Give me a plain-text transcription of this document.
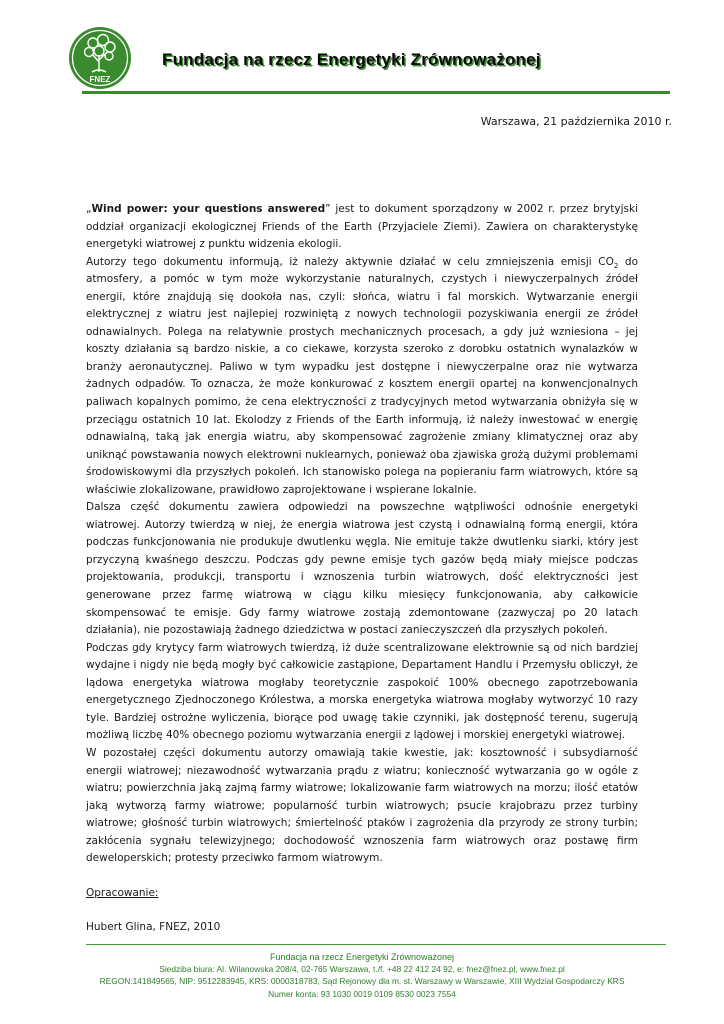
FNEZ
Fundacja na rzecz Energetyki Zrównoważonej

Warszawa, 21 października 2010 r.

„Wind power: your questions answered” jest to dokument sporządzony w 2002 r. przez brytyjski oddział organizacji ekologicznej Friends of the Earth (Przyjaciele Ziemi). Zawiera on charakterystykę energetyki wiatrowej z punktu widzenia ekologii.

Autorzy tego dokumentu informują, iż należy aktywnie działać w celu zmniejszenia emisji $CO_2$ do atmosfery, a pomóc w tym może wykorzystanie naturalnych, czystych i niewyczerpalnych źródeł energii, które znajdują się dookoła nas, czyli: słońca, wiatru i fal morskich. Wytwarzanie energii elektrycznej z wiatru jest najlepiej rozwiniętą z nowych technologii pozyskiwania energii ze źródeł odnawialnych. Polega na relatywnie prostych mechanicznych procesach, a gdy już wzniesiona – jej koszty działania są bardzo niskie, a co ciekawe, korzysta szeroko z dorobku ostatnich wynalazków w branży aeronautycznej. Paliwo w tym wypadku jest dostępne i niewyczerpalne oraz nie wytwarza żadnych odpadów. To oznacza, że może konkurować z kosztem energii opartej na konwencjonalnych paliwach kopalnych pomimo, że cena elektryczności z tradycyjnych metod wytwarzania obniżyła się w przeciągu ostatnich 10 lat. Ekolodzy z Friends of the Earth informują, iż należy inwestować w energię odnawialną, taką jak energia wiatru, aby skompensować zagrożenie zmiany klimatycznej oraz aby uniknąć powstawania nowych elektrowni nuklearnych, ponieważ oba zjawiska grożą dużymi problemami środowiskowymi dla przyszłych pokoleń. Ich stanowisko polega na popieraniu farm wiatrowych, które są właściwie zlokalizowane, prawidłowo zaprojektowane i wspierane lokalnie.

Dalsza część dokumentu zawiera odpowiedzi na powszechne wątpliwości odnośnie energetyki wiatrowej. Autorzy twierdzą w niej, że energia wiatrowa jest czystą i odnawialną formą energii, która podczas funkcjonowania nie produkuje dwutlenku węgla. Nie emituje także dwutlenku siarki, który jest przyczyną kwaśnego deszczu. Podczas gdy pewne emisje tych gazów będą miały miejsce podczas projektowania, produkcji, transportu i wznoszenia turbin wiatrowych, dość elektryczności jest generowane przez farmę wiatrową w ciągu kilku miesięcy funkcjonowania, aby całkowicie skompensować te emisje. Gdy farmy wiatrowe zostają zdemontowane (zazwyczaj po 20 latach działania), nie pozostawiają żadnego dziedzictwa w postaci zanieczyszczeń dla przyszłych pokoleń.

Podczas gdy krytycy farm wiatrowych twierdzą, iż duże scentralizowane elektrownie są od nich bardziej wydajne i nigdy nie będą mogły być całkowicie zastąpione, Departament Handlu i Przemysłu obliczył, że lądowa energetyka wiatrowa mogłaby teoretycznie zaspokoić 100% obecnego zapotrzebowania energetycznego Zjednoczonego Królestwa, a morska energetyka wiatrowa mogłaby wytworzyć 10 razy tyle. Bardziej ostrożne wyliczenia, biorące pod uwagę takie czynniki, jak dostępność terenu, sugerują możliwą liczbę 40% obecnego poziomu wytwarzania energii z lądowej i morskiej energetyki wiatrowej.

W pozostałej części dokumentu autorzy omawiają takie kwestie, jak: kosztowność i subsydiarność energii wiatrowej; niezawodność wytwarzania prądu z wiatru; konieczność wytwarzania go w ogóle z wiatru; powierzchnia jaką zajmą farmy wiatrowe; lokalizowanie farm wiatrowych na morzu; ilość etatów jaką wytworzą farmy wiatrowe; popularność turbin wiatrowych; psucie krajobrazu przez turbiny wiatrowe; głośność turbin wiatrowych; śmiertelność ptaków i zagrożenia dla przyrody ze strony turbin; zakłócenia sygnału telewizyjnego; dochodowość wznoszenia farm wiatrowych oraz postawę firm deweloperskich; protesty przeciwko farmom wiatrowym.

Opracowanie:

Hubert Glina, FNEZ, 2010

Fundacja na rzecz Energetyki Zrównoważonej
Siedziba biura: Al. Wilanowska 208/4, 02-765 Warszawa, t./f. +48 22 412 24 92, e: fnez@fnez.pl, www.fnez.pl
REGON:141849565, NIP: 9512283945, KRS: 0000318783, Sąd Rejonowy dla m. st. Warszawy w Warszawie, XIII Wydział Gospodarczy KRS
Numer konta: 93 1030 0019 0109 8530 0023 7554
